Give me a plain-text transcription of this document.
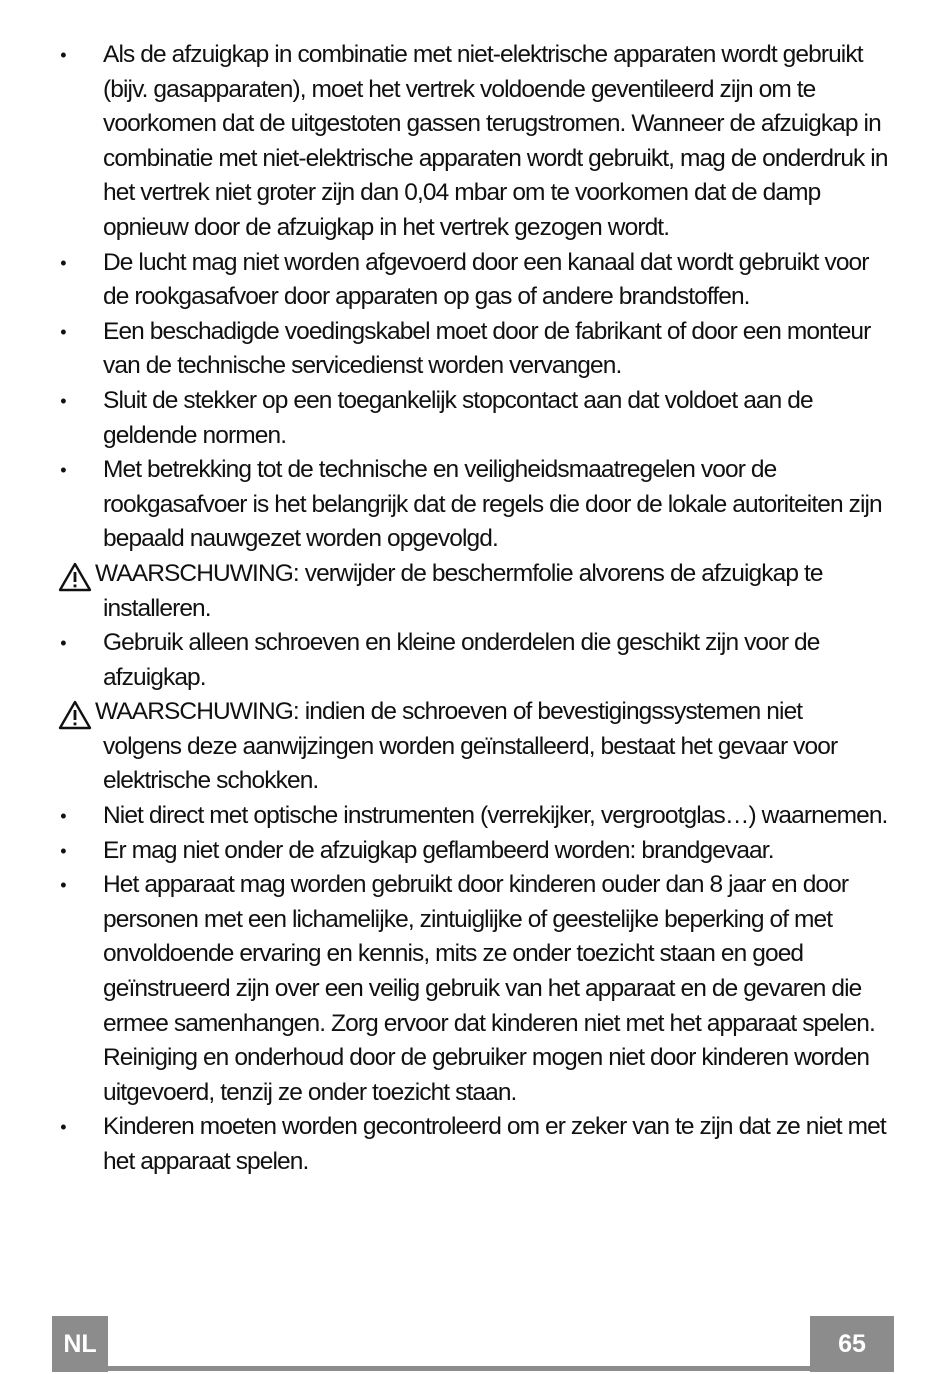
• Als de afzuigkap in combinatie met niet-elektrische apparaten wordt gebruikt (bijv. gasapparaten), moet het vertrek voldoende geventileerd zijn om te voorkomen dat de uitgestoten gassen terugstromen. Wanneer de afzuigkap in combinatie met niet-elektrische apparaten wordt gebruikt, mag de onderdruk in het vertrek niet groter zijn dan 0,04 mbar om te voorkomen dat de damp opnieuw door de afzuigkap in het vertrek gezogen wordt.
• De lucht mag niet worden afgevoerd door een kanaal dat wordt gebruikt voor de rookgasafvoer door apparaten op gas of andere brandstoffen.
• Een beschadigde voedingskabel moet door de fabrikant of door een monteur van de technische servicedienst worden vervangen.
• Sluit de stekker op een toegankelijk stopcontact aan dat voldoet aan de geldende normen.
• Met betrekking tot de technische en veiligheidsmaatregelen voor de rookgasafvoer is het belangrijk dat de regels die door de lokale autoriteiten zijn bepaald nauwgezet worden opgevolgd.
WAARSCHUWING: verwijder de beschermfolie alvorens de afzuigkap te
installeren.
• Gebruik alleen schroeven en kleine onderdelen die geschikt zijn voor de afzuigkap.
WAARSCHUWING: indien de schroeven of bevestigingssystemen niet
volgens deze aanwijzingen worden geïnstalleerd, bestaat het gevaar voor elektrische schokken.
• Niet direct met optische instrumenten (verrekijker, vergrootglas…) waarnemen.
• Er mag niet onder de afzuigkap geflambeerd worden: brandgevaar.
• Het apparaat mag worden gebruikt door kinderen ouder dan 8 jaar en door personen met een lichamelijke, zintuiglijke of geestelijke beperking of met onvoldoende ervaring en kennis, mits ze onder toezicht staan en goed geïnstrueerd zijn over een veilig gebruik van het apparaat en de gevaren die ermee samenhangen. Zorg ervoor dat kinderen niet met het apparaat spelen. Reiniging en onderhoud door de gebruiker mogen niet door kinderen worden uitgevoerd, tenzij ze onder toezicht staan.
• Kinderen moeten worden gecontroleerd om er zeker van te zijn dat ze niet met het apparaat spelen.
NL	65
